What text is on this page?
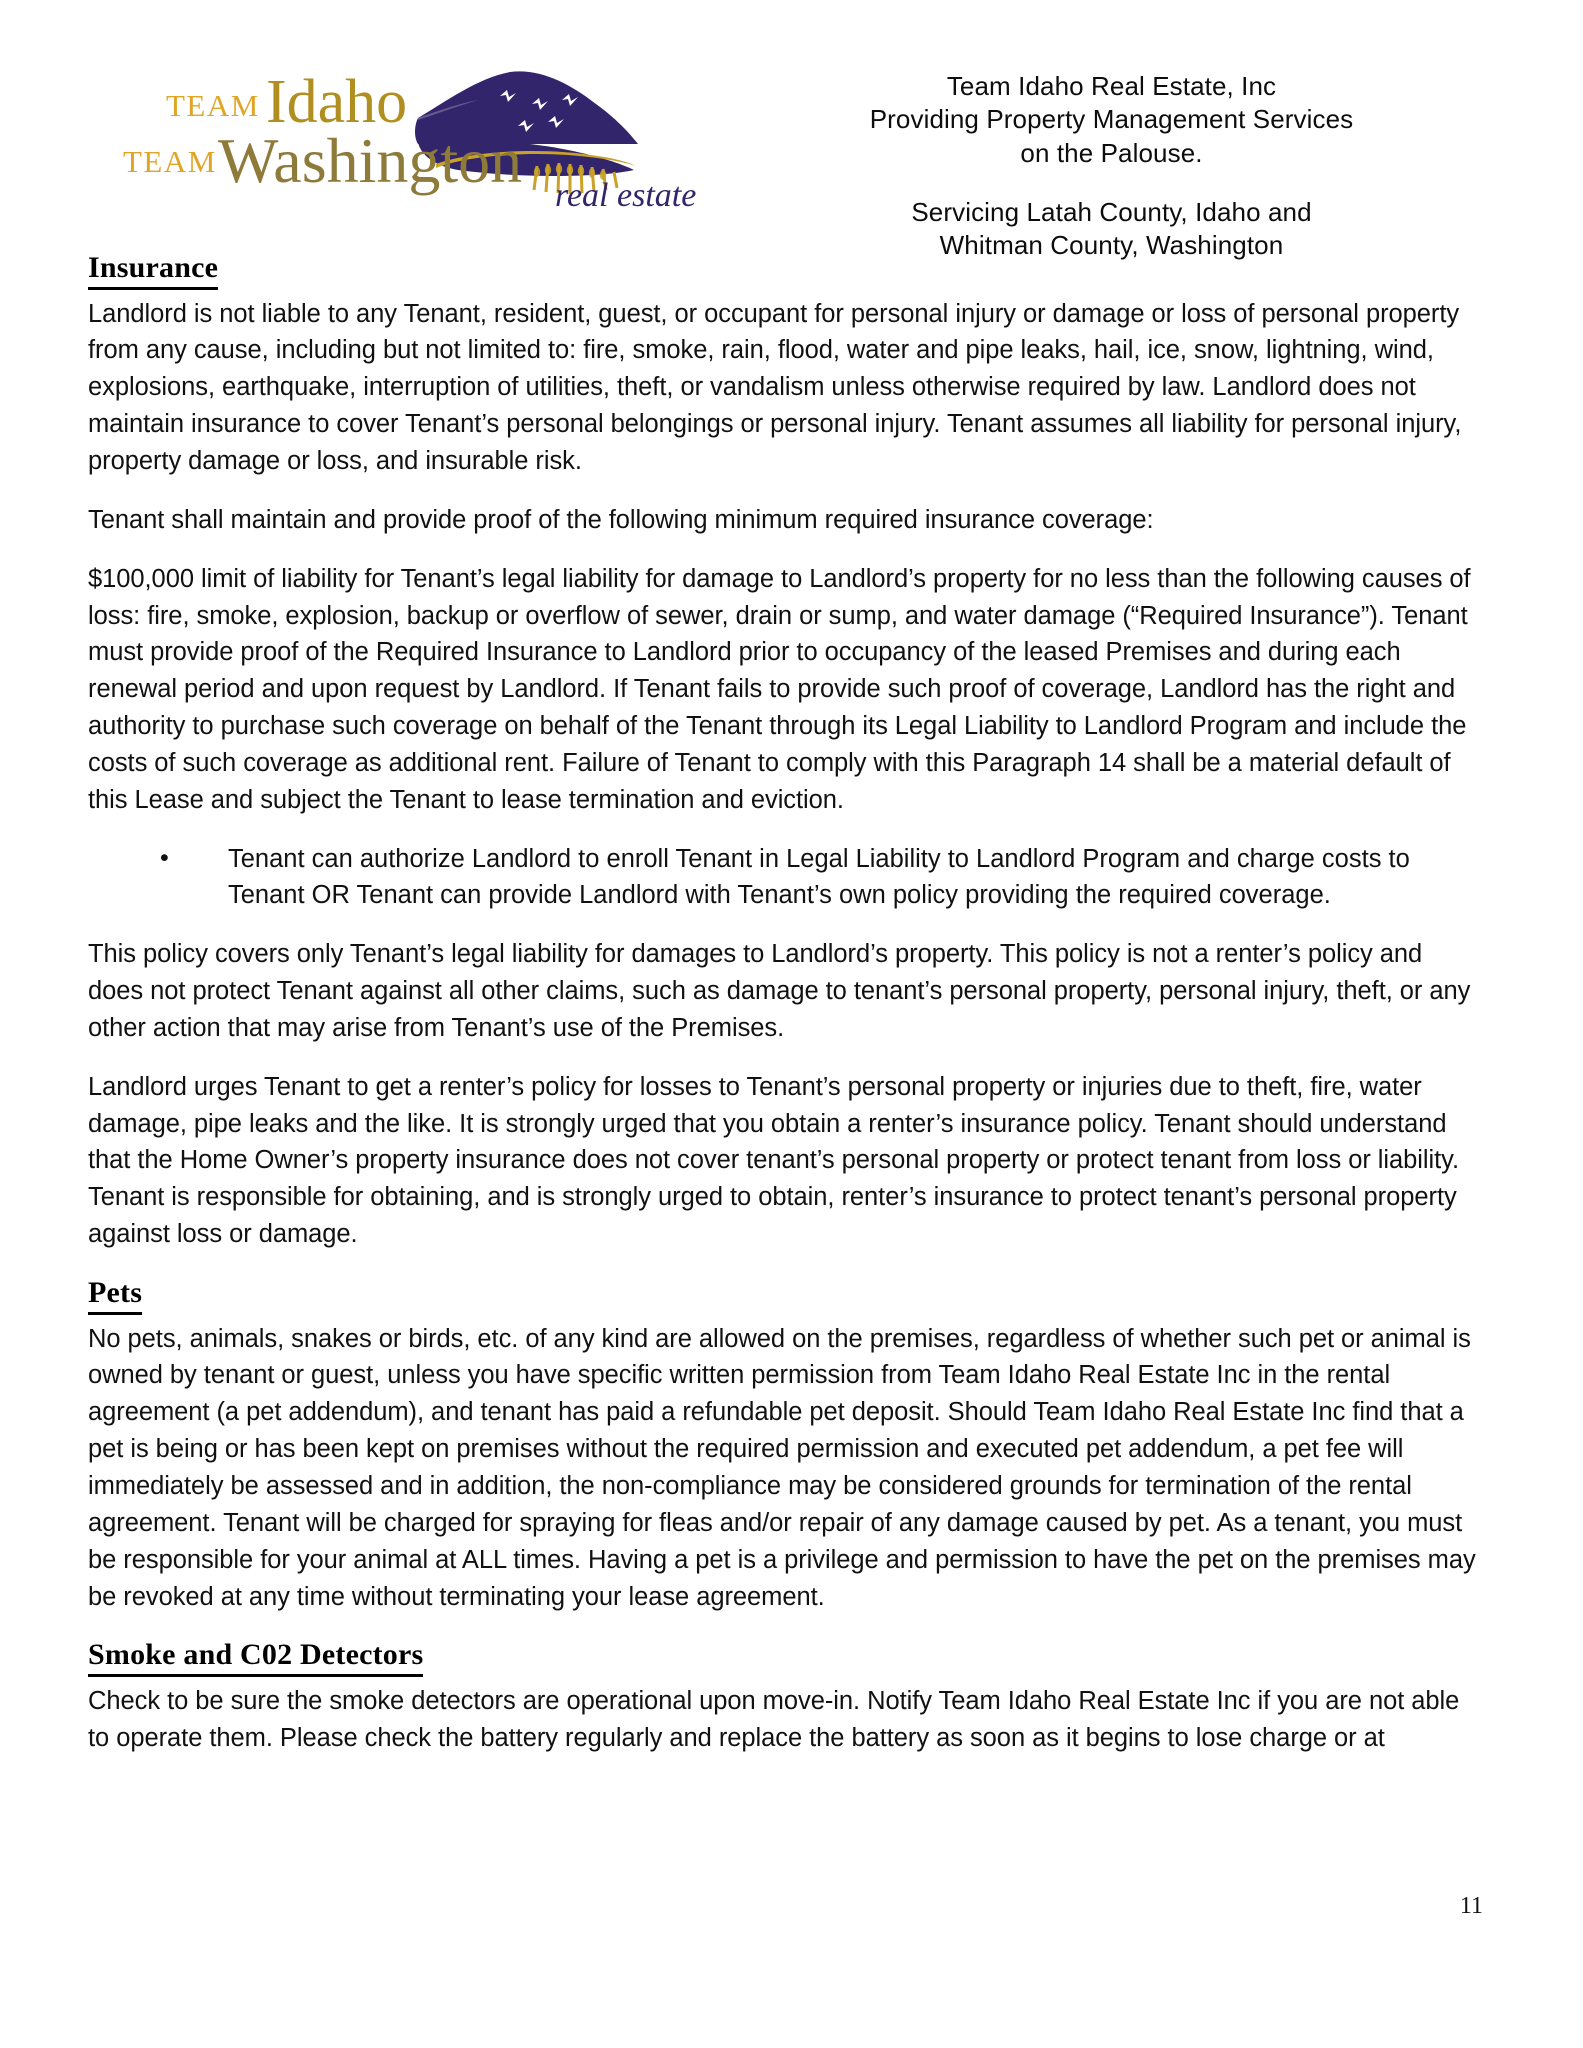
TEAM Idaho
TEAM Washington real estate
Team Idaho Real Estate, Inc
Providing Property Management Services
on the Palouse.
Servicing Latah County, Idaho and
Whitman County, Washington
Insurance

Landlord is not liable to any Tenant, resident, guest, or occupant for personal injury or damage or loss of personal property from any cause, including but not limited to: fire, smoke, rain, flood, water and pipe leaks, hail, ice, snow, lightning, wind, explosions, earthquake, interruption of utilities, theft, or vandalism unless otherwise required by law. Landlord does not maintain insurance to cover Tenant’s personal belongings or personal injury. Tenant assumes all liability for personal injury, property damage or loss, and insurable risk.

Tenant shall maintain and provide proof of the following minimum required insurance coverage:

$100,000 limit of liability for Tenant’s legal liability for damage to Landlord’s property for no less than the following causes of loss: fire, smoke, explosion, backup or overflow of sewer, drain or sump, and water damage (“Required Insurance”). Tenant must provide proof of the Required Insurance to Landlord prior to occupancy of the leased Premises and during each renewal period and upon request by Landlord. If Tenant fails to provide such proof of coverage, Landlord has the right and authority to purchase such coverage on behalf of the Tenant through its Legal Liability to Landlord Program and include the costs of such coverage as additional rent. Failure of Tenant to comply with this Paragraph 14 shall be a material default of this Lease and subject the Tenant to lease termination and eviction.

• Tenant can authorize Landlord to enroll Tenant in Legal Liability to Landlord Program and charge costs to Tenant OR Tenant can provide Landlord with Tenant’s own policy providing the required coverage.

This policy covers only Tenant’s legal liability for damages to Landlord’s property. This policy is not a renter’s policy and does not protect Tenant against all other claims, such as damage to tenant’s personal property, personal injury, theft, or any other action that may arise from Tenant’s use of the Premises.

Landlord urges Tenant to get a renter’s policy for losses to Tenant’s personal property or injuries due to theft, fire, water damage, pipe leaks and the like. It is strongly urged that you obtain a renter’s insurance policy. Tenant should understand that the Home Owner’s property insurance does not cover tenant’s personal property or protect tenant from loss or liability. Tenant is responsible for obtaining, and is strongly urged to obtain, renter’s insurance to protect tenant’s personal property against loss or damage.

Pets

No pets, animals, snakes or birds, etc. of any kind are allowed on the premises, regardless of whether such pet or animal is owned by tenant or guest, unless you have specific written permission from Team Idaho Real Estate Inc in the rental agreement (a pet addendum), and tenant has paid a refundable pet deposit. Should Team Idaho Real Estate Inc find that a pet is being or has been kept on premises without the required permission and executed pet addendum, a pet fee will immediately be assessed and in addition, the non-compliance may be considered grounds for termination of the rental agreement. Tenant will be charged for spraying for fleas and/or repair of any damage caused by pet. As a tenant, you must be responsible for your animal at ALL times. Having a pet is a privilege and permission to have the pet on the premises may be revoked at any time without terminating your lease agreement.

Smoke and C02 Detectors

Check to be sure the smoke detectors are operational upon move-in. Notify Team Idaho Real Estate Inc if you are not able to operate them. Please check the battery regularly and replace the battery as soon as it begins to lose charge or at

11
